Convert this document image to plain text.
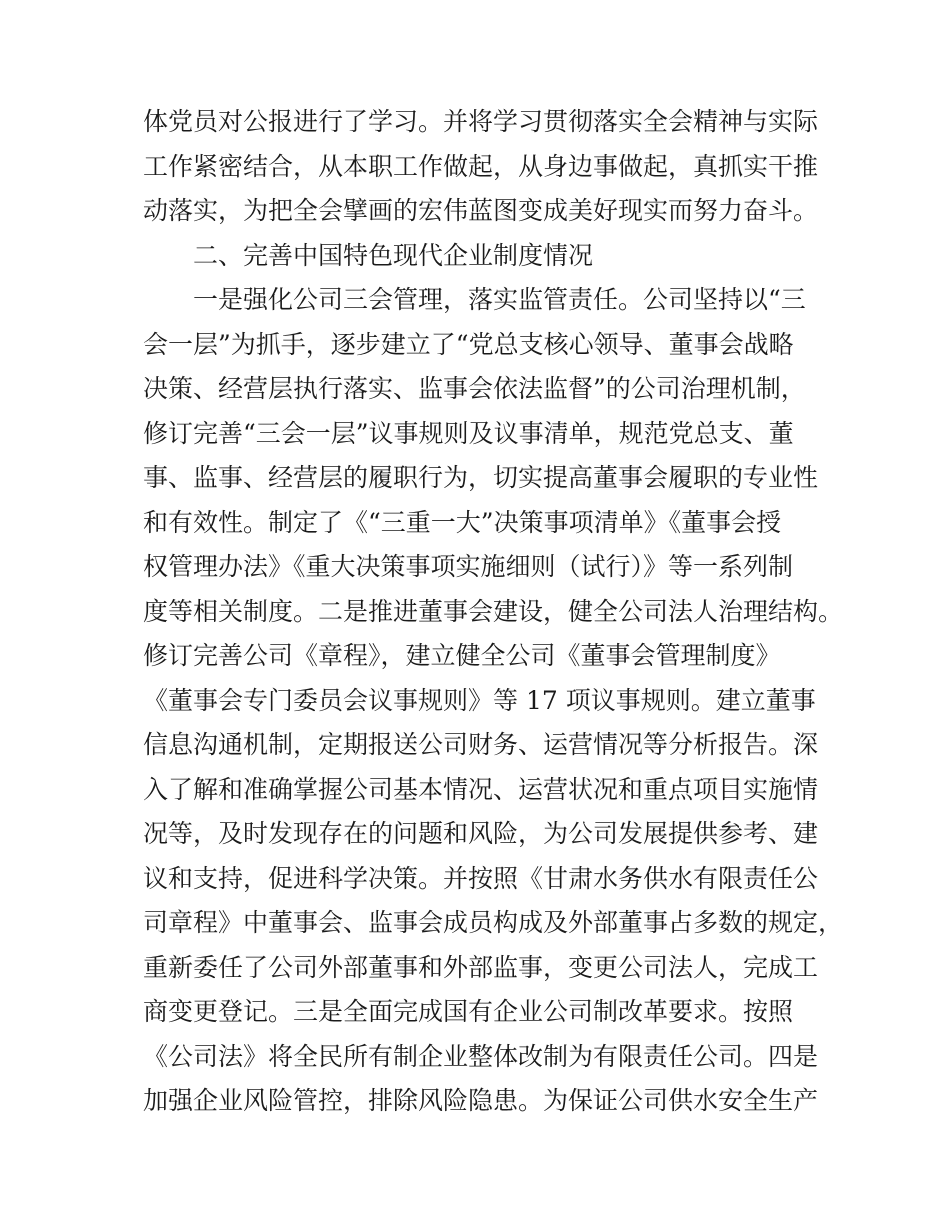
体党员对公报进行了学习。并将学习贯彻落实全会精神与实际
工作紧密结合，从本职工作做起，从身边事做起，真抓实干推
动落实，为把全会擘画的宏伟蓝图变成美好现实而努力奋斗。
二、完善中国特色现代企业制度情况
一是强化公司三会管理，落实监管责任。公司坚持以“三
会一层”为抓手，逐步建立了“党总支核心领导、董事会战略
决策、经营层执行落实、监事会依法监督”的公司治理机制，
修订完善“三会一层”议事规则及议事清单，规范党总支、董
事、监事、经营层的履职行为，切实提高董事会履职的专业性
和有效性。制定了《“三重一大”决策事项清单》《董事会授
权管理办法》《重大决策事项实施细则（试行）》等一系列制
度等相关制度。二是推进董事会建设，健全公司法人治理结构。
修订完善公司《章程》，建立健全公司《董事会管理制度》
《董事会专门委员会议事规则》等 17 项议事规则。建立董事
信息沟通机制，定期报送公司财务、运营情况等分析报告。深
入了解和准确掌握公司基本情况、运营状况和重点项目实施情
况等，及时发现存在的问题和风险，为公司发展提供参考、建
议和支持，促进科学决策。并按照《甘肃水务供水有限责任公
司章程》中董事会、监事会成员构成及外部董事占多数的规定，
重新委任了公司外部董事和外部监事，变更公司法人，完成工
商变更登记。三是全面完成国有企业公司制改革要求。按照
《公司法》将全民所有制企业整体改制为有限责任公司。四是
加强企业风险管控，排除风险隐患。为保证公司供水安全生产
